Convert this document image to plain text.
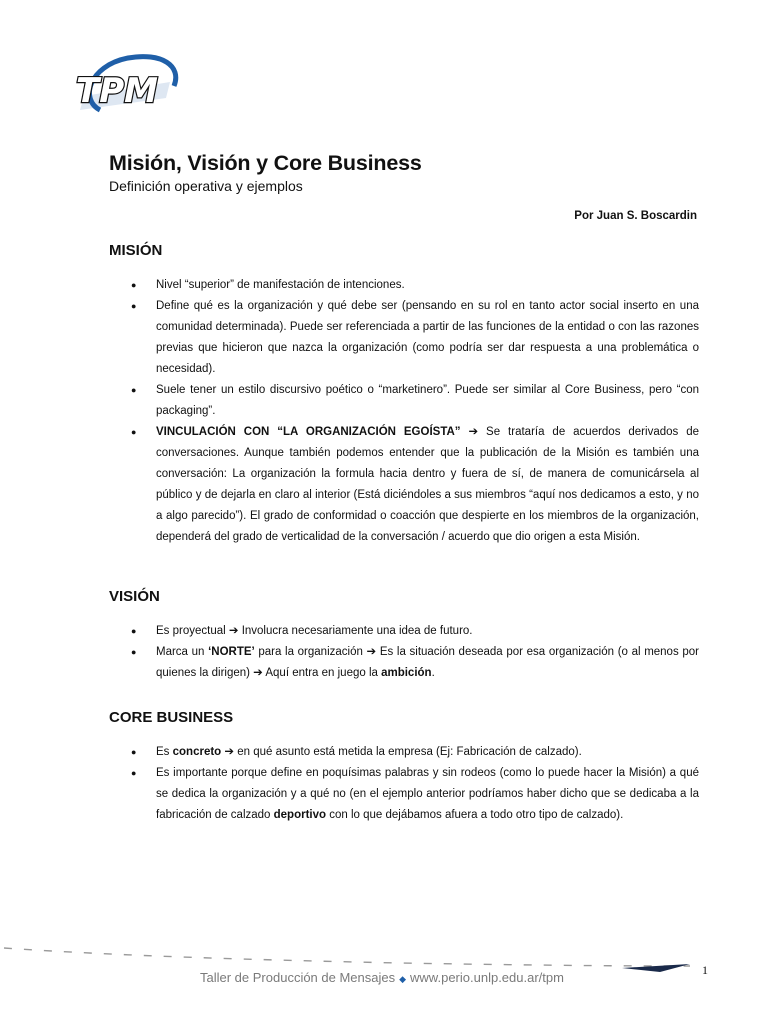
TPM
Misión, Visión y Core Business
Definición operativa y ejemplos
Por Juan S. Boscardin
MISIÓN
● Nivel “superior” de manifestación de intenciones.
● Define qué es la organización y qué debe ser (pensando en su rol en tanto actor social inserto en una comunidad determinada). Puede ser referenciada a partir de las funciones de la entidad o con las razones previas que hicieron que nazca la organización (como podría ser dar respuesta a una problemática o necesidad).
● Suele tener un estilo discursivo poético o “marketinero”. Puede ser similar al Core Business, pero “con packaging”.
● VINCULACIÓN CON “LA ORGANIZACIÓN EGOÍSTA” ➔ Se trataría de acuerdos derivados de conversaciones. Aunque también podemos entender que la publicación de la Misión es también una conversación: La organización la formula hacia dentro y fuera de sí, de manera de comunicársela al público y de dejarla en claro al interior (Está diciéndoles a sus miembros “aquí nos dedicamos a esto, y no a algo parecido”). El grado de conformidad o coacción que despierte en los miembros de la organización, dependerá del grado de verticalidad de la conversación / acuerdo que dio origen a esta Misión.
VISIÓN
● Es proyectual ➔ Involucra necesariamente una idea de futuro.
● Marca un ‘NORTE’ para la organización ➔ Es la situación deseada por esa organización (o al menos por quienes la dirigen) ➔ Aquí entra en juego la ambición.
CORE BUSINESS
● Es concreto ➔ en qué asunto está metida la empresa (Ej: Fabricación de calzado).
● Es importante porque define en poquísimas palabras y sin rodeos (como lo puede hacer la Misión) a qué se dedica la organización y a qué no (en el ejemplo anterior podríamos haber dicho que se dedicaba a la fabricación de calzado deportivo con lo que dejábamos afuera a todo otro tipo de calzado).
Taller de Producción de Mensajes ◆ www.perio.unlp.edu.ar/tpm	1
